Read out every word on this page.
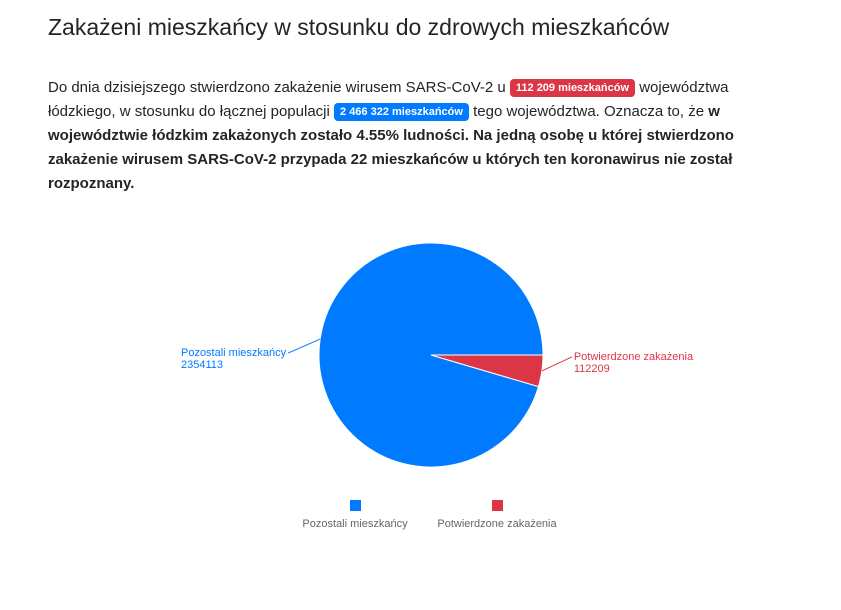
Zakażeni mieszkańcy w stosunku do zdrowych mieszkańców

Do dnia dzisiejszego stwierdzono zakażenie wirusem SARS-CoV-2 u 112 209 mieszkańców województwa łódzkiego, w stosunku do łącznej populacji 2 466 322 mieszkańców tego województwa. Oznacza to, że w województwie łódzkim zakażonych zostało 4.55% ludności. Na jedną osobę u której stwierdzono zakażenie wirusem SARS-CoV-2 przypada 22 mieszkańców u których ten koronawirus nie został rozpoznany.

Pozostali mieszkańcy
2354113
Potwierdzone zakażenia
112209
Pozostali mieszkańcy	Potwierdzone zakażenia
